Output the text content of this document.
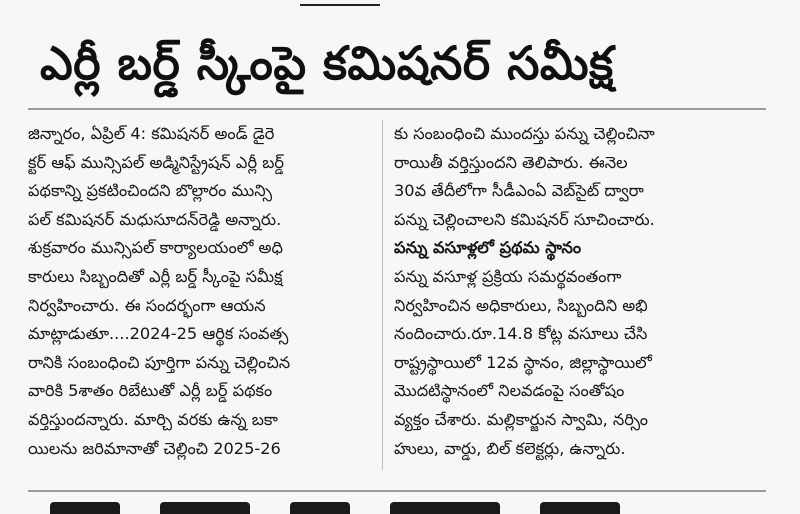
ఎర్లీ బర్డ్ స్కీంపై కమిషనర్ సమీక్ష
జిన్నారం, ఏప్రిల్ 4: కమిషనర్ అండ్ డైరె
క్టర్ ఆఫ్ మున్సిపల్ అడ్మినిస్ట్రేషన్ ఎర్లీ బర్డ్
పథకాన్ని ప్రకటించిందని బొల్లారం మున్సి
పల్ కమిషనర్ మధుసూదన్‌రెడ్డి అన్నారు.
శుక్రవారం మున్సిపల్ కార్యాలయంలో అధి
కారులు సిబ్బందితో ఎర్లీ బర్డ్ స్కీంపై సమీక్ష
నిర్వహించారు. ఈ సందర్భంగా ఆయన
మాట్లాడుతూ....2024-25 ఆర్థిక సంవత్స
రానికి సంబంధించి పూర్తిగా పన్ను చెల్లించిన
వారికి 5శాతం రిబేటుతో ఎర్లీ బర్డ్ పథకం
వర్తిస్తుందన్నారు. మార్చి వరకు ఉన్న బకా
యిలను జరిమానాతో చెల్లించి 2025-26
కు సంబంధించి ముందస్తు పన్ను చెల్లించినా
రాయితీ వర్తిస్తుందని తెలిపారు. ఈనెల
30వ తేదీలోగా సీడీఎంఏ వెబ్‌సైట్ ద్వారా
పన్ను చెల్లించాలని కమిషనర్ సూచించారు.
పన్ను వసూళ్లలో ప్రథమ స్థానం
పన్ను వసూళ్ల ప్రక్రియ సమర్థవంతంగా
నిర్వహించిన అధికారులు, సిబ్బందిని అభి
నందించారు.రూ.14.8 కోట్ల వసూలు చేసి
రాష్ట్రస్థాయిలో 12వ స్థానం, జిల్లాస్థాయిలో
మొదటిస్థానంలో నిలవడంపై సంతోషం
వ్యక్తం చేశారు. మల్లికార్జున స్వామి, నర్సిం
హులు, వార్డు, బిల్ కలెక్టర్లు, ఉన్నారు.
